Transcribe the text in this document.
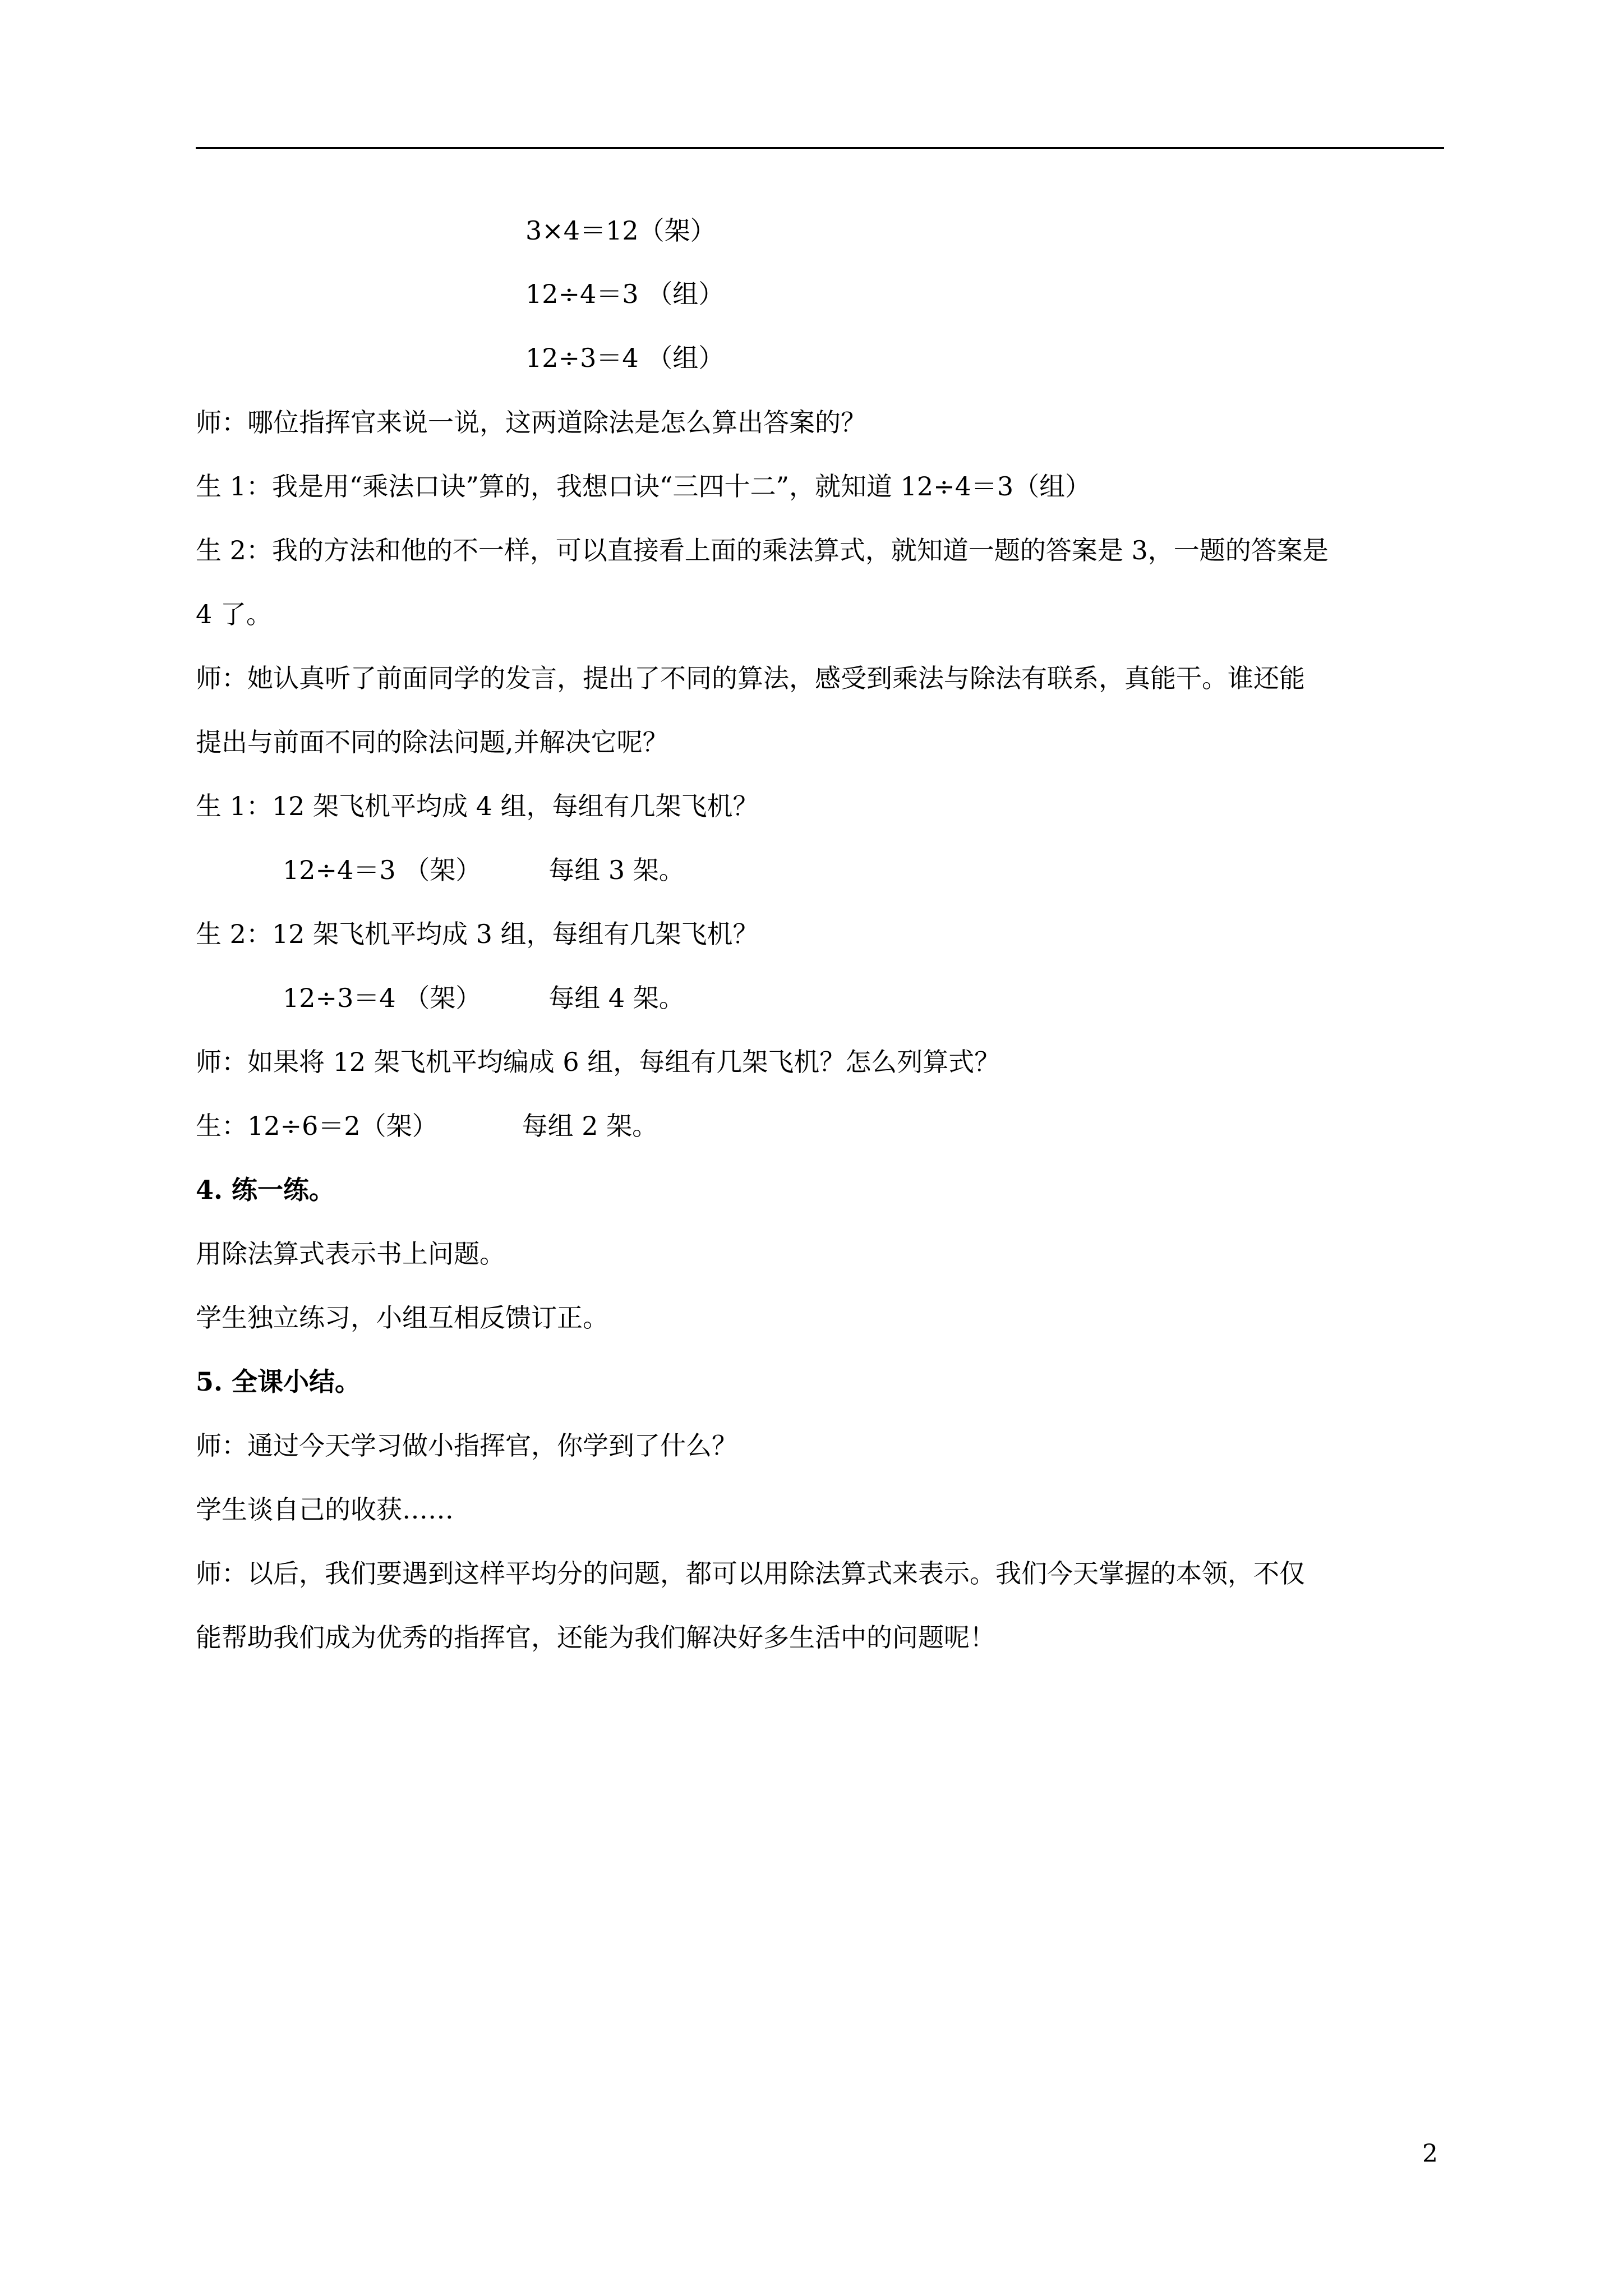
3×4＝12（架）
12÷4＝3 （组）
12÷3＝4 （组）
师：哪位指挥官来说一说，这两道除法是怎么算出答案的？
生 1：我是用“乘法口诀”算的，我想口诀“三四十二”，就知道 12÷4＝3（组）
生 2：我的方法和他的不一样，可以直接看上面的乘法算式，就知道一题的答案是 3，一题的答案是
4 了。
师：她认真听了前面同学的发言，提出了不同的算法，感受到乘法与除法有联系，真能干。谁还能
提出与前面不同的除法问题,并解决它呢？
生 1：12 架飞机平均成 4 组，每组有几架飞机？
12÷4＝3 （架）	每组 3 架。
生 2：12 架飞机平均成 3 组，每组有几架飞机？
12÷3＝4 （架）	每组 4 架。
师：如果将 12 架飞机平均编成 6 组，每组有几架飞机？怎么列算式？
生：12÷6＝2（架）	每组 2 架。
4. 练一练。
用除法算式表示书上问题。
学生独立练习，小组互相反馈订正。
5. 全课小结。
师：通过今天学习做小指挥官，你学到了什么？
学生谈自己的收获……
师：以后，我们要遇到这样平均分的问题，都可以用除法算式来表示。我们今天掌握的本领，不仅
能帮助我们成为优秀的指挥官，还能为我们解决好多生活中的问题呢！
2
